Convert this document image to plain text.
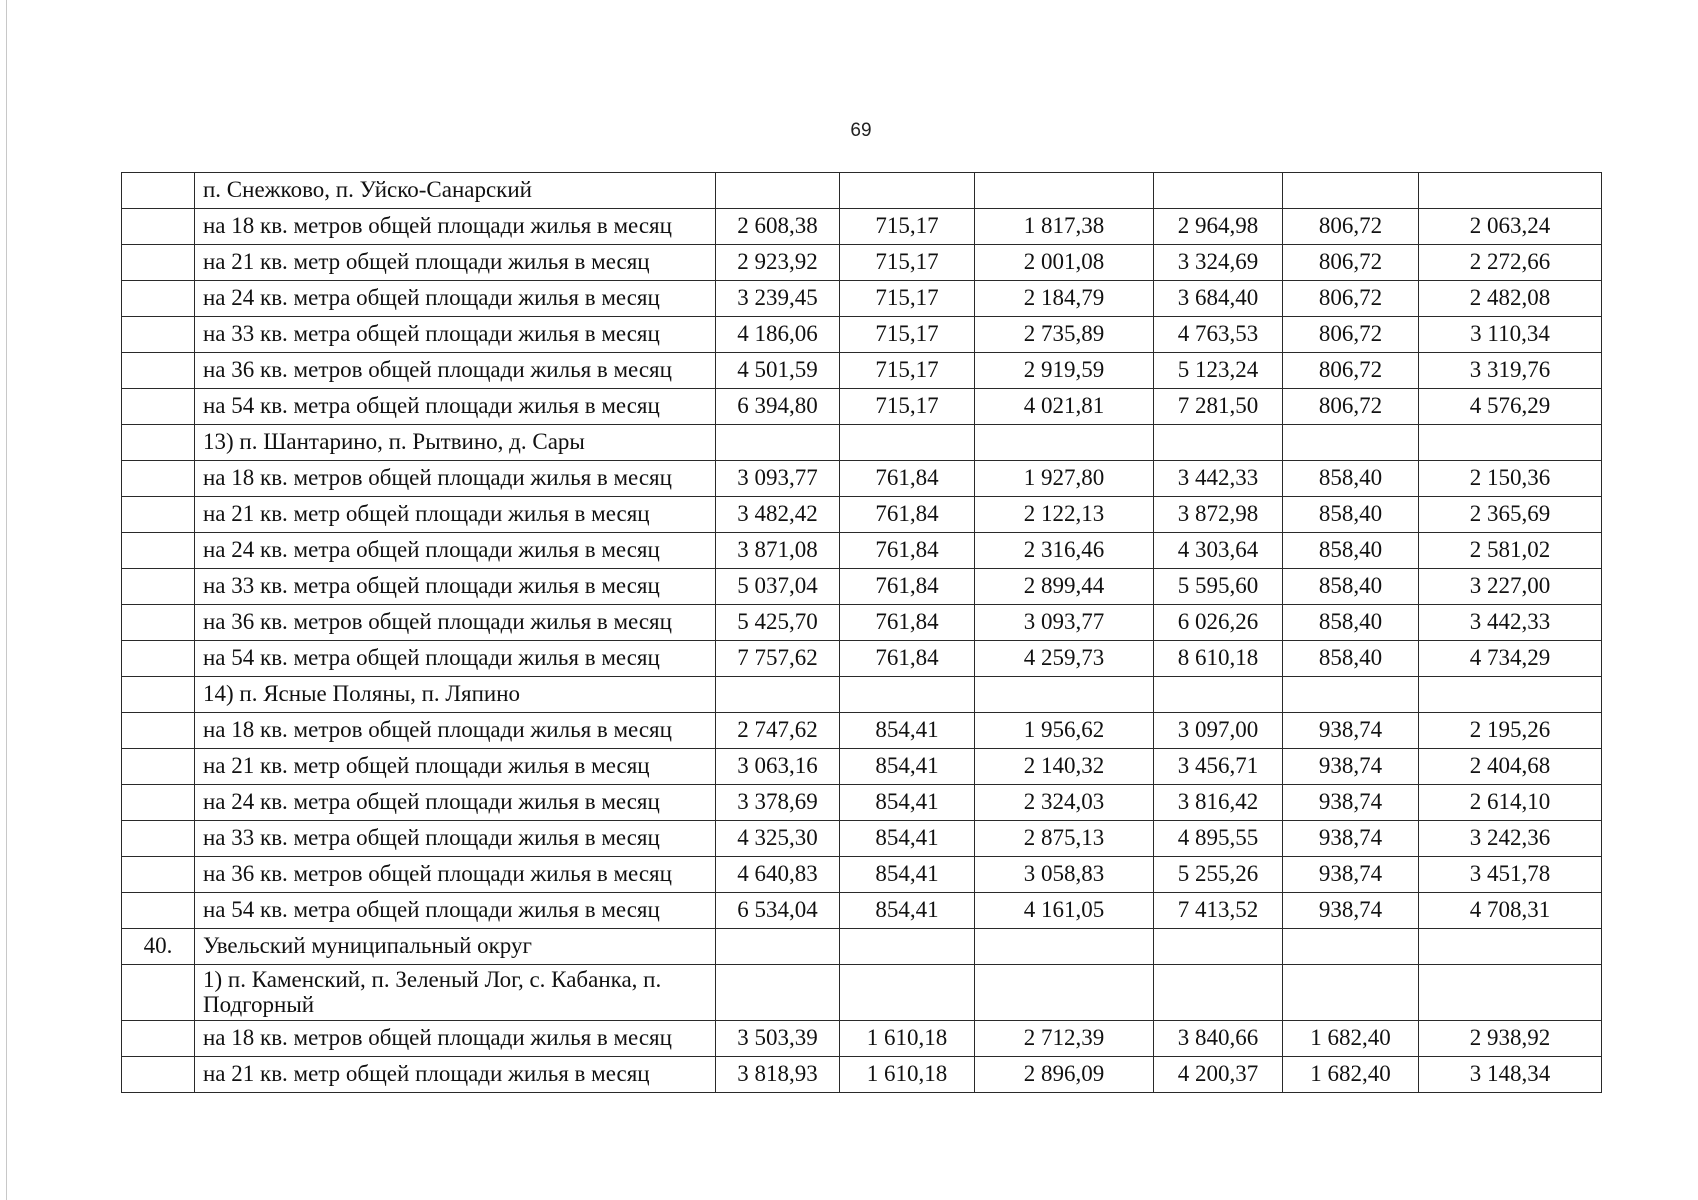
69
	п. Снежково, п. Уйско-Санарский						
	на 18 кв. метров общей площади жилья в месяц	2 608,38	715,17	1 817,38	2 964,98	806,72	2 063,24
	на 21 кв. метр общей площади жилья в месяц	2 923,92	715,17	2 001,08	3 324,69	806,72	2 272,66
	на 24 кв. метра общей площади жилья в месяц	3 239,45	715,17	2 184,79	3 684,40	806,72	2 482,08
	на 33 кв. метра общей площади жилья в месяц	4 186,06	715,17	2 735,89	4 763,53	806,72	3 110,34
	на 36 кв. метров общей площади жилья в месяц	4 501,59	715,17	2 919,59	5 123,24	806,72	3 319,76
	на 54 кв. метра общей площади жилья в месяц	6 394,80	715,17	4 021,81	7 281,50	806,72	4 576,29
	13) п. Шантарино, п. Рытвино, д. Сары						
	на 18 кв. метров общей площади жилья в месяц	3 093,77	761,84	1 927,80	3 442,33	858,40	2 150,36
	на 21 кв. метр общей площади жилья в месяц	3 482,42	761,84	2 122,13	3 872,98	858,40	2 365,69
	на 24 кв. метра общей площади жилья в месяц	3 871,08	761,84	2 316,46	4 303,64	858,40	2 581,02
	на 33 кв. метра общей площади жилья в месяц	5 037,04	761,84	2 899,44	5 595,60	858,40	3 227,00
	на 36 кв. метров общей площади жилья в месяц	5 425,70	761,84	3 093,77	6 026,26	858,40	3 442,33
	на 54 кв. метра общей площади жилья в месяц	7 757,62	761,84	4 259,73	8 610,18	858,40	4 734,29
	14) п. Ясные Поляны, п. Ляпино						
	на 18 кв. метров общей площади жилья в месяц	2 747,62	854,41	1 956,62	3 097,00	938,74	2 195,26
	на 21 кв. метр общей площади жилья в месяц	3 063,16	854,41	2 140,32	3 456,71	938,74	2 404,68
	на 24 кв. метра общей площади жилья в месяц	3 378,69	854,41	2 324,03	3 816,42	938,74	2 614,10
	на 33 кв. метра общей площади жилья в месяц	4 325,30	854,41	2 875,13	4 895,55	938,74	3 242,36
	на 36 кв. метров общей площади жилья в месяц	4 640,83	854,41	3 058,83	5 255,26	938,74	3 451,78
	на 54 кв. метра общей площади жилья в месяц	6 534,04	854,41	4 161,05	7 413,52	938,74	4 708,31
40.	Увельский муниципальный округ						
	1) п. Каменский, п. Зеленый Лог, с. Кабанка, п. Подгорный						
	на 18 кв. метров общей площади жилья в месяц	3 503,39	1 610,18	2 712,39	3 840,66	1 682,40	2 938,92
	на 21 кв. метр общей площади жилья в месяц	3 818,93	1 610,18	2 896,09	4 200,37	1 682,40	3 148,34
